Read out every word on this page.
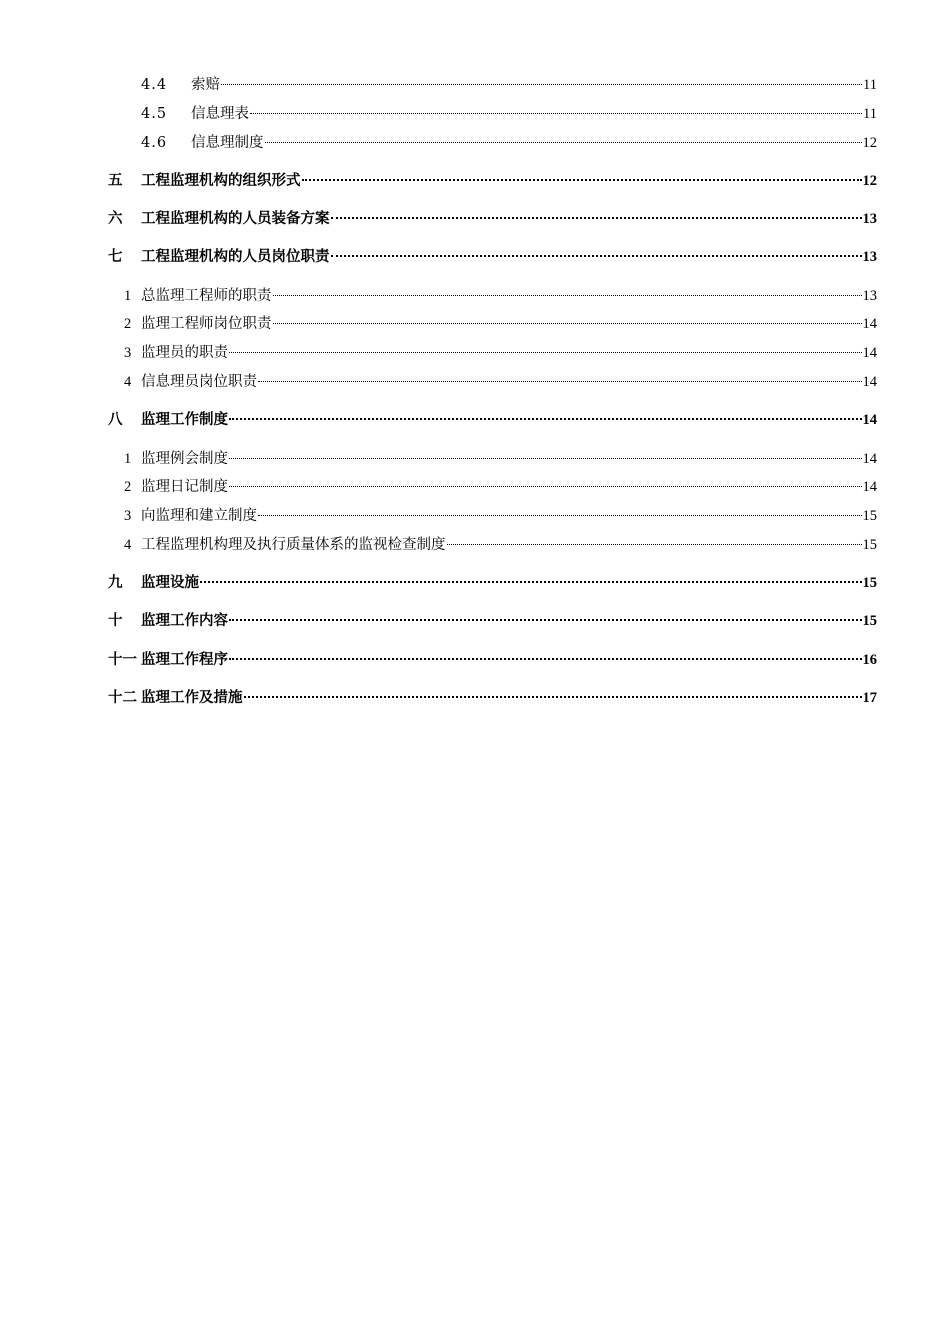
4.4	索赔	11
4.5	信息理表	11
4.6	信息理制度	12
五	工程监理机构的组织形式	12
六	工程监理机构的人员装备方案	13
七	工程监理机构的人员岗位职责	13
1 总监理工程师的职责	13
2 监理工程师岗位职责	14
3 监理员的职责	14
4 信息理员岗位职责	14
八	监理工作制度	14
1 监理例会制度	14
2 监理日记制度	14
3 向监理和建立制度	15
4 工程监理机构理及执行质量体系的监视检查制度	15
九	监理设施	15
十	监理工作内容	15
十一 监理工作程序	16
十二 监理工作及措施	17
